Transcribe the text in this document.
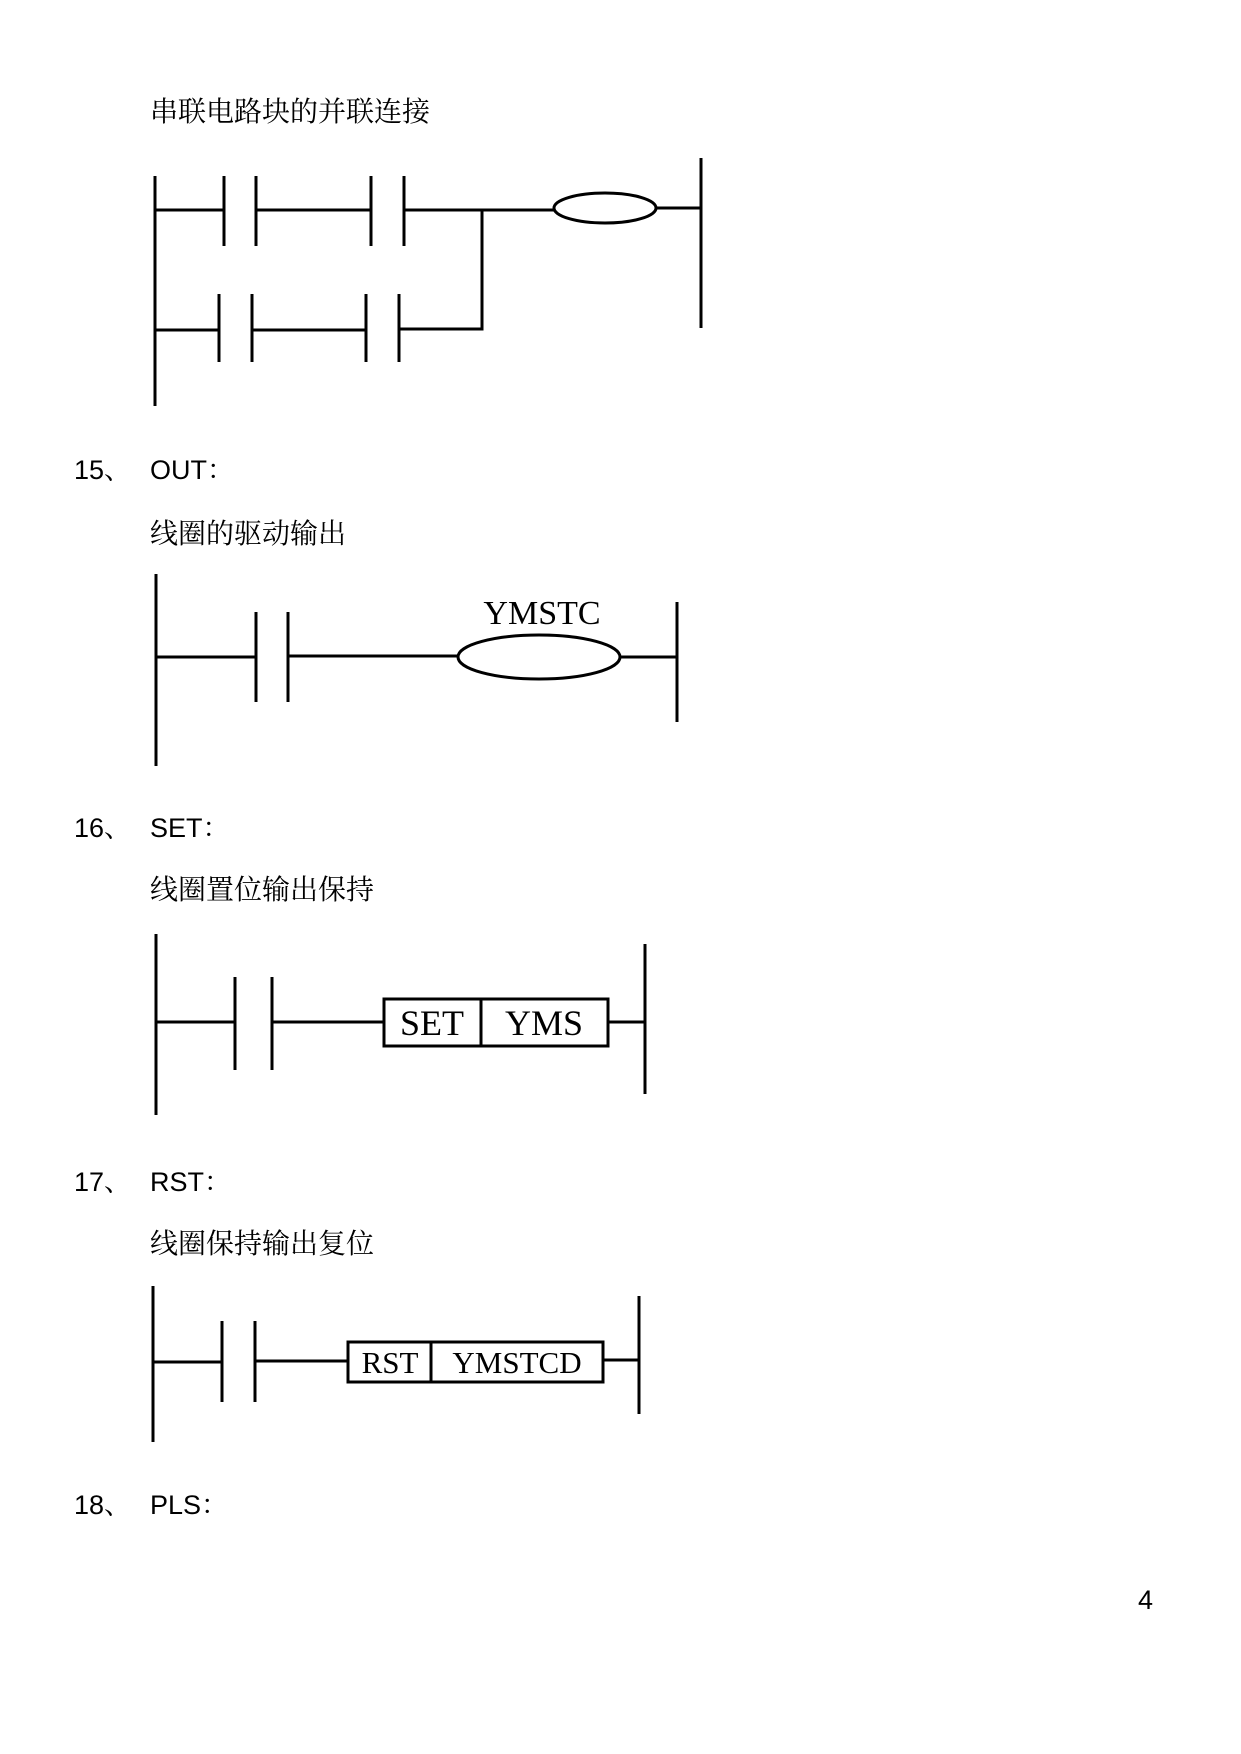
串联电路块的并联连接
15、 OUT：
线圈的驱动输出
16、 SET：
线圈置位输出保持
17、 RST：
线圈保持输出复位
18、 PLS：
4
YMSTC
SET YMS
RST YMSTCD
